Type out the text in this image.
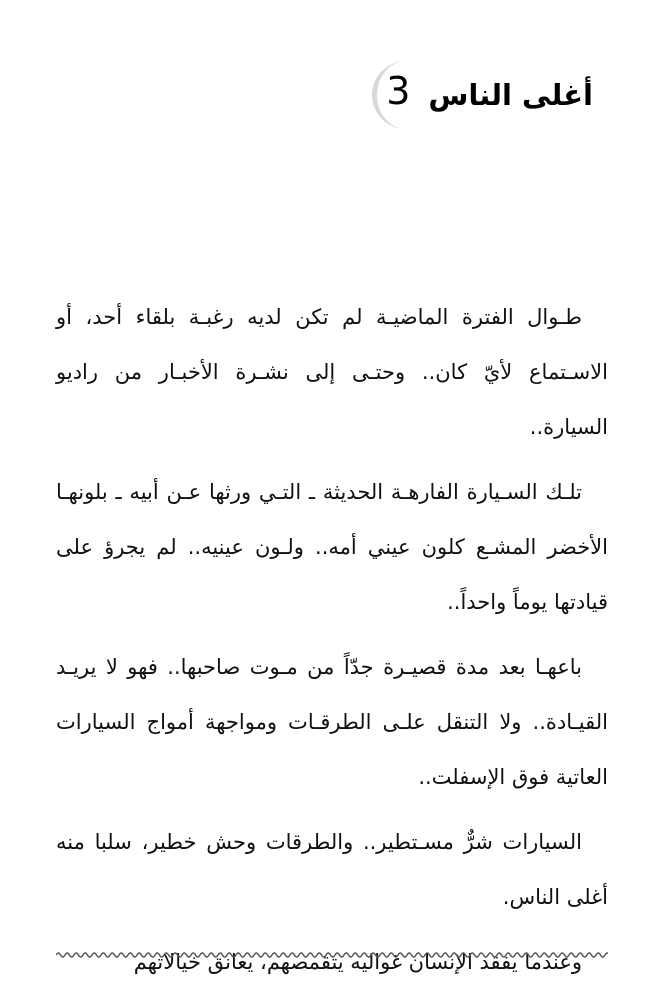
3 أغلى الناس

طـوال الفترة الماضيـة لم تكن لديه رغبـة بلقاء أحد، أو الاسـتماع لأيّ كان.. وحتـى إلى نشـرة الأخبـار من راديو السيارة..

تلـك السـيارة الفارهـة الحديثة ـ التـي ورثها عـن أبيه ـ بلونهـا الأخضر المشـع كلون عيني أمه.. ولـون عينيه.. لم يجرؤ على قيادتها يوماً واحداً..

باعهـا بعد مدة قصيـرة جدّاً من مـوت صاحبها.. فهو لا يريـد القيـادة.. ولا التنقل علـى الطرقـات ومواجهة أمواج السيارات العاتية فوق الإسفلت..

السيارات شرٌّ مسـتطير.. والطرقات وحش خطير، سلبا منه أغلى الناس.

وعندما يفقد الإنسان غواليه يتقمصهم، يعانق خيالاتهم
